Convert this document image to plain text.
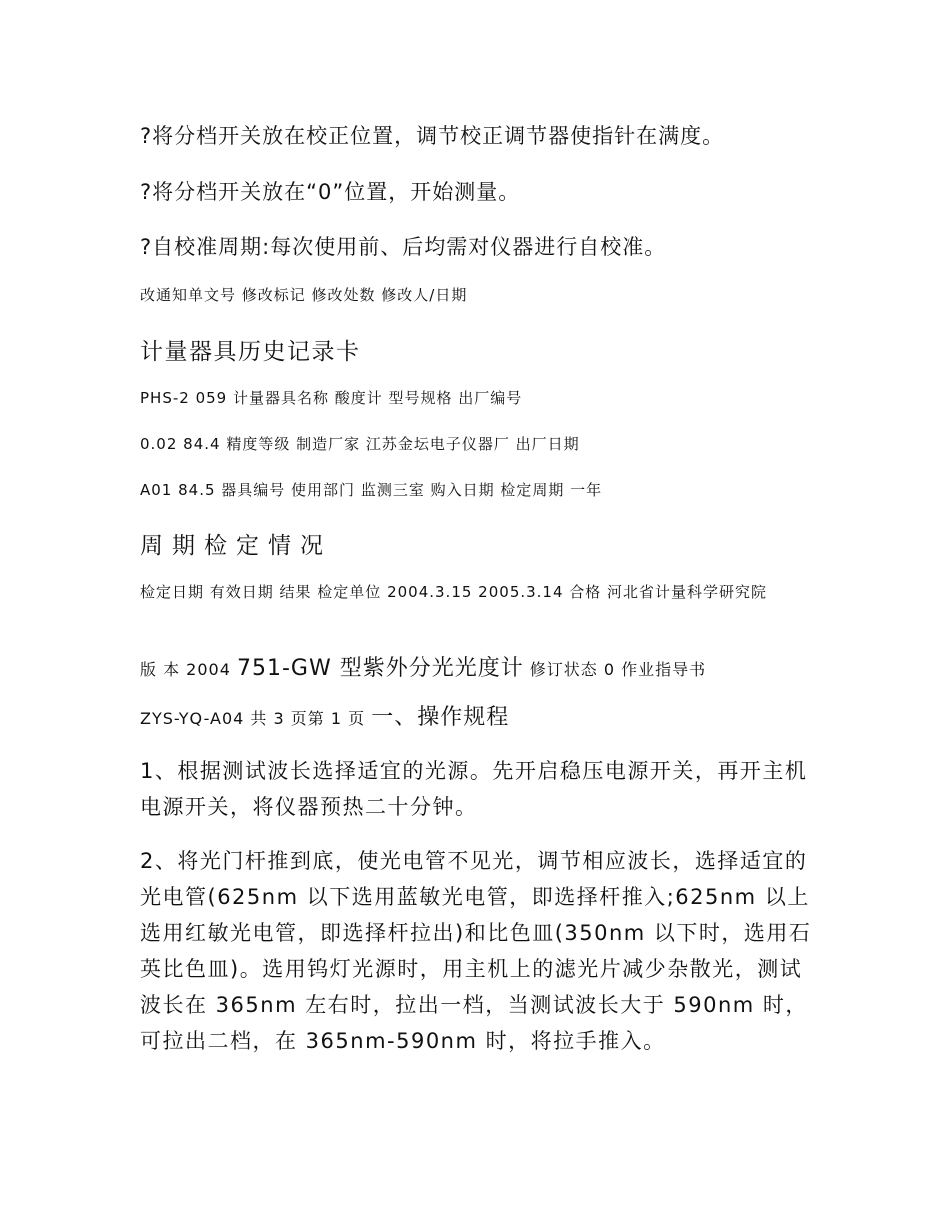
?将分档开关放在校正位置，调节校正调节器使指针在满度。
?将分档开关放在“0”位置，开始测量。
?自校准周期:每次使用前、后均需对仪器进行自校准。
改通知单文号 修改标记 修改处数 修改人/日期
计量器具历史记录卡
PHS-2 059 计量器具名称 酸度计 型号规格 出厂编号
0.02 84.4 精度等级 制造厂家 江苏金坛电子仪器厂 出厂日期
A01 84.5 器具编号 使用部门 监测三室 购入日期 检定周期 一年
周期检定情况
检定日期 有效日期 结果 检定单位 2004.3.15 2005.3.14 合格 河北省计量科学研究院
版 本 2004 751-GW 型紫外分光光度计 修订状态 0 作业指导书
ZYS-YQ-A04 共 3 页第 1 页 一、操作规程
1、根据测试波长选择适宜的光源。先开启稳压电源开关，再开主机电源开关，将仪器预热二十分钟。
2、将光门杆推到底，使光电管不见光，调节相应波长，选择适宜的光电管(625nm 以下选用蓝敏光电管，即选择杆推入;625nm 以上选用红敏光电管，即选择杆拉出)和比色皿(350nm 以下时，选用石英比色皿)。选用钨灯光源时，用主机上的滤光片减少杂散光，测试波长在 365nm 左右时，拉出一档，当测试波长大于 590nm 时，可拉出二档，在 365nm-590nm 时，将拉手推入。
